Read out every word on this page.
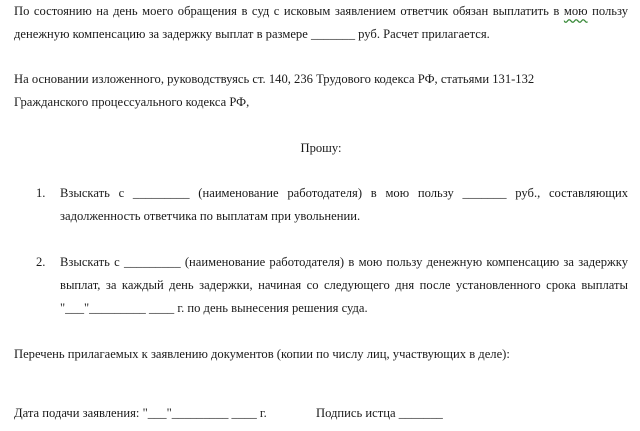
По состоянию на день моего обращения в суд с исковым заявлением ответчик обязан выплатить в мою пользу денежную компенсацию за задержку выплат в размере _______ руб. Расчет прилагается.
На основании изложенного, руководствуясь ст. 140, 236 Трудового кодекса РФ, статьями 131-132
Гражданского процессуального кодекса РФ,
Прошу:
1.	Взыскать с _________ (наименование работодателя) в мою пользу _______ руб., составляющих задолженность ответчика по выплатам при увольнении.
2.	Взыскать с _________ (наименование работодателя) в мою пользу денежную компенсацию за задержку выплат, за каждый день задержки, начиная со следующего дня после установленного срока выплаты "___"_________ ____ г. по день вынесения решения суда.
Перечень прилагаемых к заявлению документов (копии по числу лиц, участвующих в деле):
Дата подачи заявления: "___"_________ ____ г.	Подпись истца _______
